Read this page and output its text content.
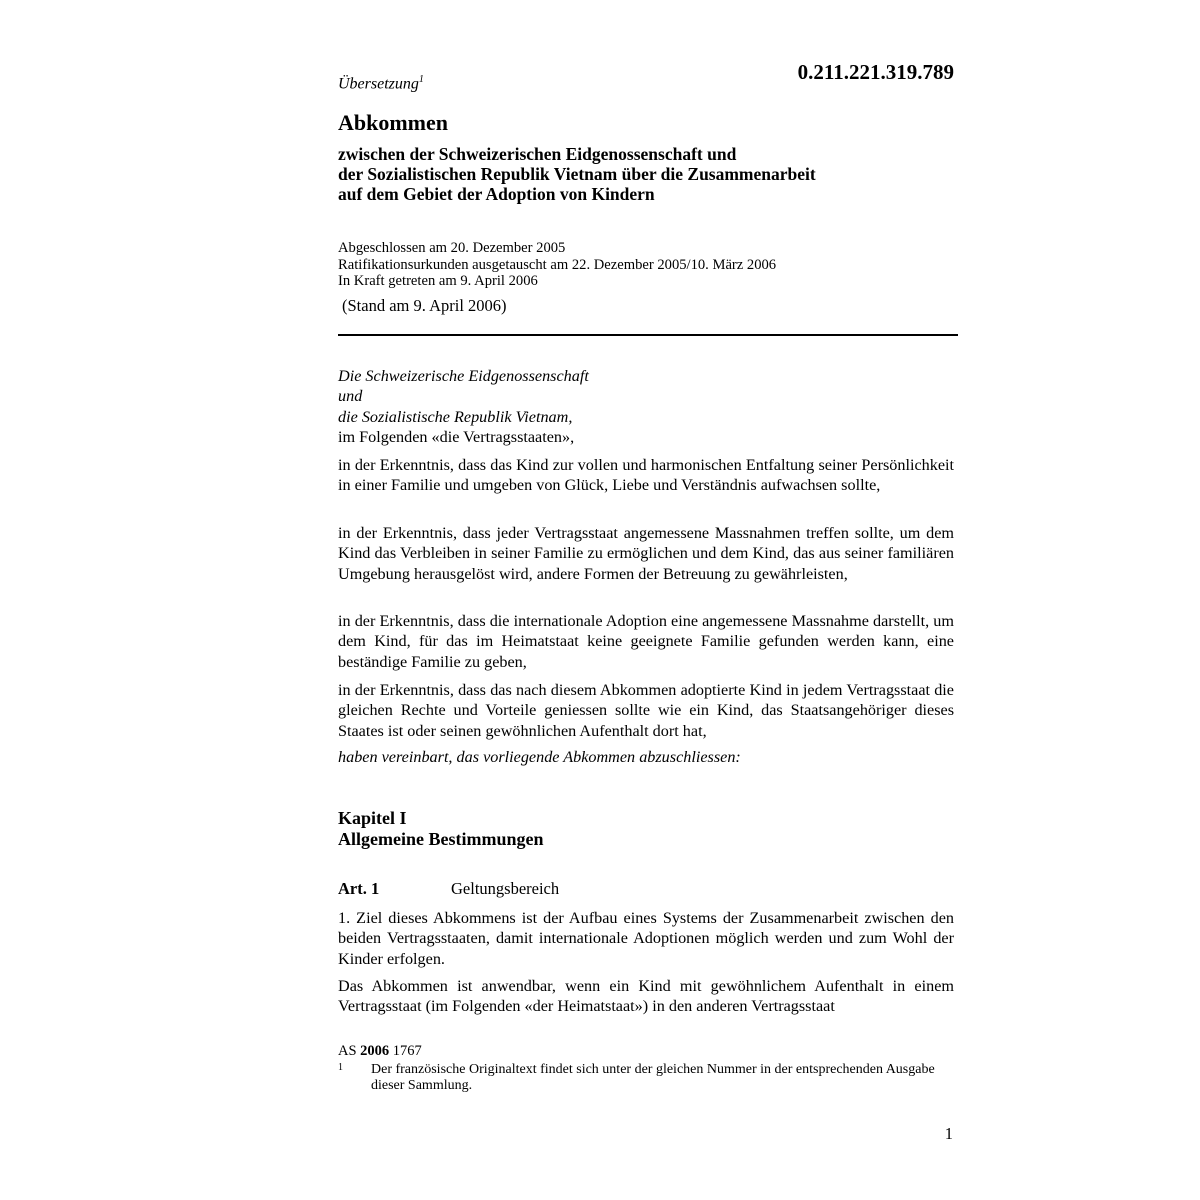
0.211.221.319.789
Übersetzung$^1$
Abkommen
zwischen der Schweizerischen Eidgenossenschaft und
der Sozialistischen Republik Vietnam über die Zusammenarbeit
auf dem Gebiet der Adoption von Kindern
Abgeschlossen am 20. Dezember 2005
Ratifikationsurkunden ausgetauscht am 22. Dezember 2005/10. März 2006
In Kraft getreten am 9. April 2006
(Stand am 9. April 2006)
Die Schweizerische Eidgenossenschaft
und
die Sozialistische Republik Vietnam,
im Folgenden «die Vertragsstaaten»,
in der Erkenntnis, dass das Kind zur vollen und harmonischen Entfaltung seiner Persönlichkeit in einer Familie und umgeben von Glück, Liebe und Verständnis aufwachsen sollte,
in der Erkenntnis, dass jeder Vertragsstaat angemessene Massnahmen treffen sollte, um dem Kind das Verbleiben in seiner Familie zu ermöglichen und dem Kind, das aus seiner familiären Umgebung herausgelöst wird, andere Formen der Betreuung zu gewährleisten,
in der Erkenntnis, dass die internationale Adoption eine angemessene Massnahme darstellt, um dem Kind, für das im Heimatstaat keine geeignete Familie gefunden werden kann, eine beständige Familie zu geben,
in der Erkenntnis, dass das nach diesem Abkommen adoptierte Kind in jedem Vertragsstaat die gleichen Rechte und Vorteile geniessen sollte wie ein Kind, das Staatsangehöriger dieses Staates ist oder seinen gewöhnlichen Aufenthalt dort hat,
haben vereinbart, das vorliegende Abkommen abzuschliessen:
Kapitel I
Allgemeine Bestimmungen
Art. 1	Geltungsbereich
1. Ziel dieses Abkommens ist der Aufbau eines Systems der Zusammenarbeit zwischen den beiden Vertragsstaaten, damit internationale Adoptionen möglich werden und zum Wohl der Kinder erfolgen.
Das Abkommen ist anwendbar, wenn ein Kind mit gewöhnlichem Aufenthalt in einem Vertragsstaat (im Folgenden «der Heimatstaat») in den anderen Vertragsstaat
AS 2006 1767
1 Der französische Originaltext findet sich unter der gleichen Nummer in der entsprechenden Ausgabe dieser Sammlung.
1
